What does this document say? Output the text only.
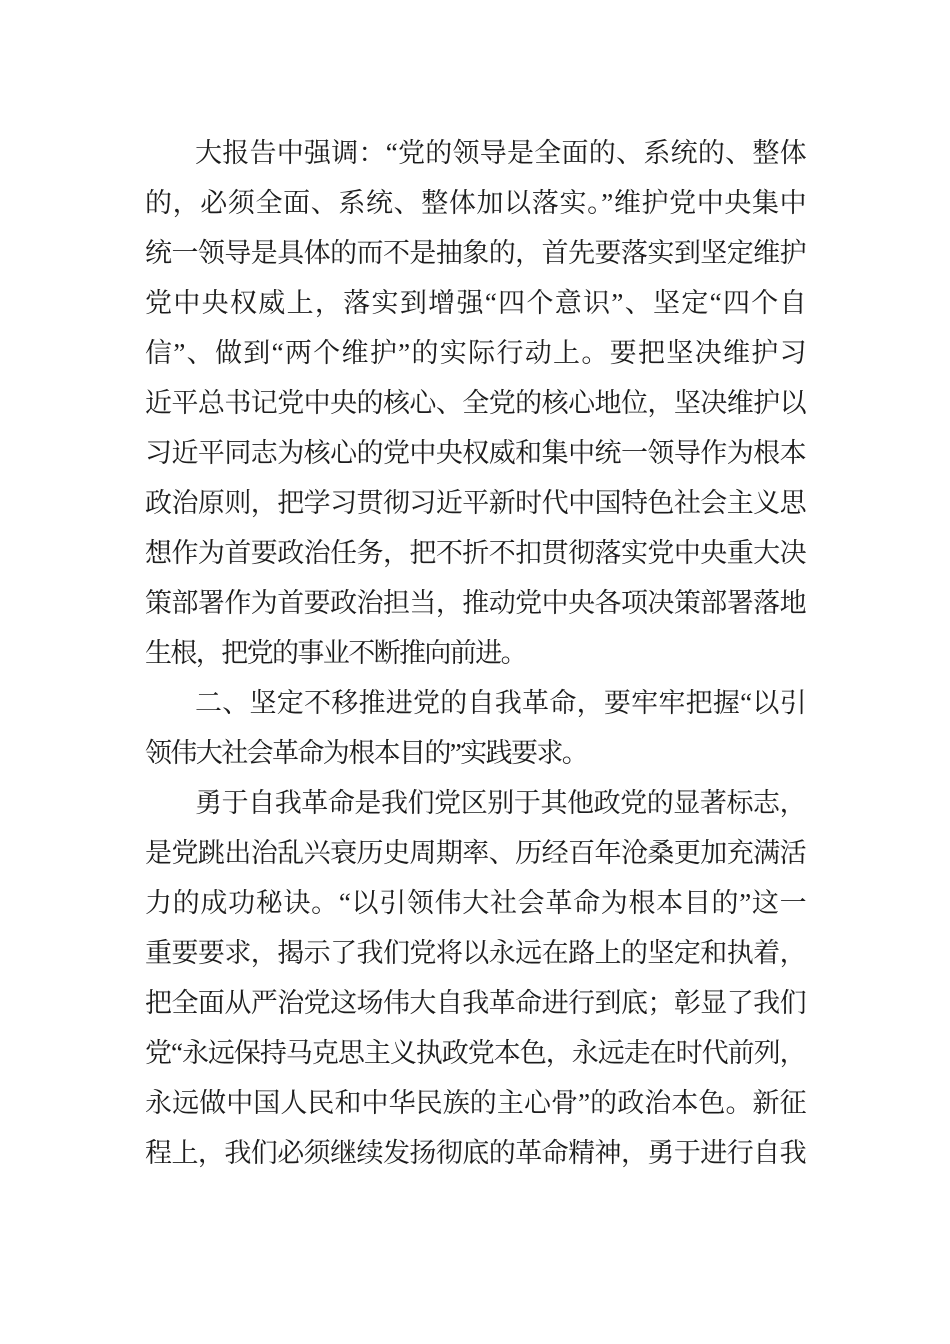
大报告中强调：“党的领导是全面的、系统的、整体
的，必须全面、系统、整体加以落实。”维护党中央集中
统一领导是具体的而不是抽象的，首先要落实到坚定维护
党中央权威上，落实到增强“四个意识”、坚定“四个自
信”、做到“两个维护”的实际行动上。要把坚决维护习
近平总书记党中央的核心、全党的核心地位，坚决维护以
习近平同志为核心的党中央权威和集中统一领导作为根本
政治原则，把学习贯彻习近平新时代中国特色社会主义思
想作为首要政治任务，把不折不扣贯彻落实党中央重大决
策部署作为首要政治担当，推动党中央各项决策部署落地
生根，把党的事业不断推向前进。
二、坚定不移推进党的自我革命，要牢牢把握“以引
领伟大社会革命为根本目的”实践要求。
勇于自我革命是我们党区别于其他政党的显著标志，
是党跳出治乱兴衰历史周期率、历经百年沧桑更加充满活
力的成功秘诀。“以引领伟大社会革命为根本目的”这一
重要要求，揭示了我们党将以永远在路上的坚定和执着，
把全面从严治党这场伟大自我革命进行到底；彰显了我们
党“永远保持马克思主义执政党本色，永远走在时代前列，
永远做中国人民和中华民族的主心骨”的政治本色。新征
程上，我们必须继续发扬彻底的革命精神，勇于进行自我
